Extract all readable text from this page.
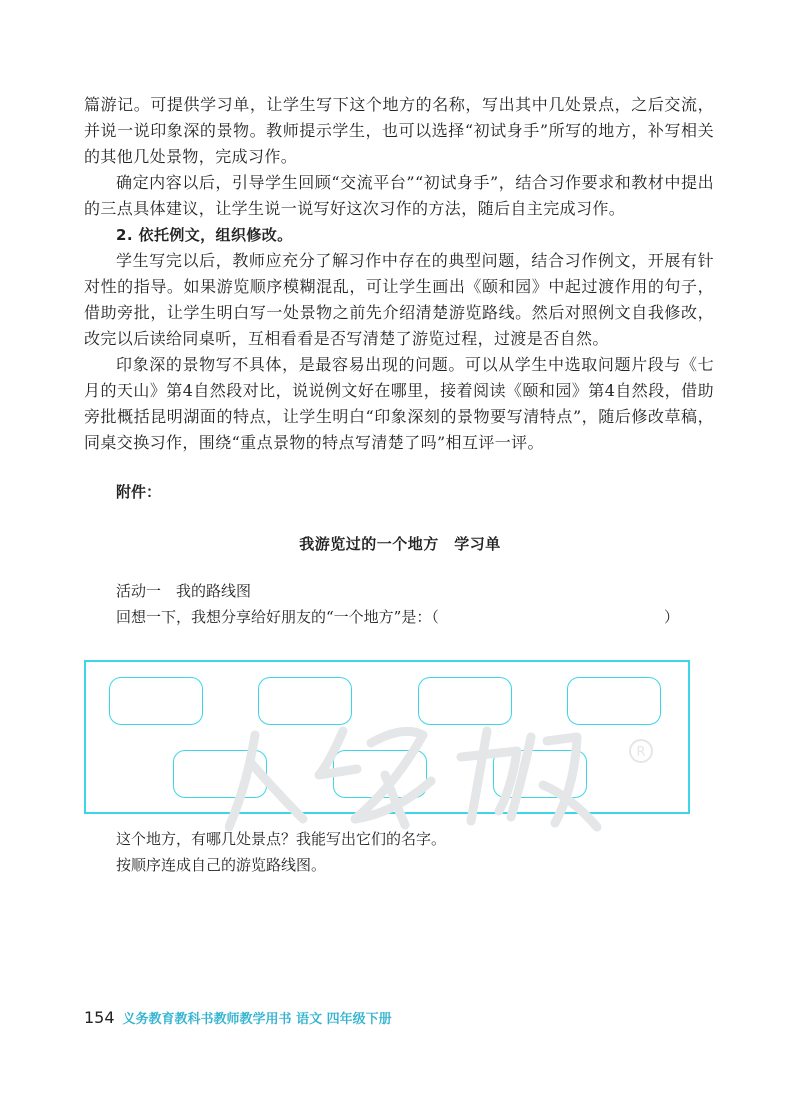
篇游记。可提供学习单，让学生写下这个地方的名称，写出其中几处景点，之后交流，并说一说印象深的景物。教师提示学生，也可以选择“初试身手”所写的地方，补写相关的其他几处景物，完成习作。

确定内容以后，引导学生回顾“交流平台”“初试身手”，结合习作要求和教材中提出的三点具体建议，让学生说一说写好这次习作的方法，随后自主完成习作。

2. 依托例文，组织修改。

学生写完以后，教师应充分了解习作中存在的典型问题，结合习作例文，开展有针对性的指导。如果游览顺序模糊混乱，可让学生画出《颐和园》中起过渡作用的句子，借助旁批，让学生明白写一处景物之前先介绍清楚游览路线。然后对照例文自我修改，改完以后读给同桌听，互相看看是否写清楚了游览过程，过渡是否自然。

印象深的景物写不具体，是最容易出现的问题。可以从学生中选取问题片段与《七月的天山》第4自然段对比，说说例文好在哪里，接着阅读《颐和园》第4自然段，借助旁批概括昆明湖面的特点，让学生明白“印象深刻的景物要写清特点”，随后修改草稿，同桌交换习作，围绕“重点景物的特点写清楚了吗”相互评一评。

附件：
我游览过的一个地方　学习单
活动一　我的路线图
回想一下，我想分享给好朋友的“一个地方”是：（	）
R
这个地方，有哪几处景点？我能写出它们的名字。
按顺序连成自己的游览路线图。
154 义务教育教科书教师教学用书 语文 四年级下册
